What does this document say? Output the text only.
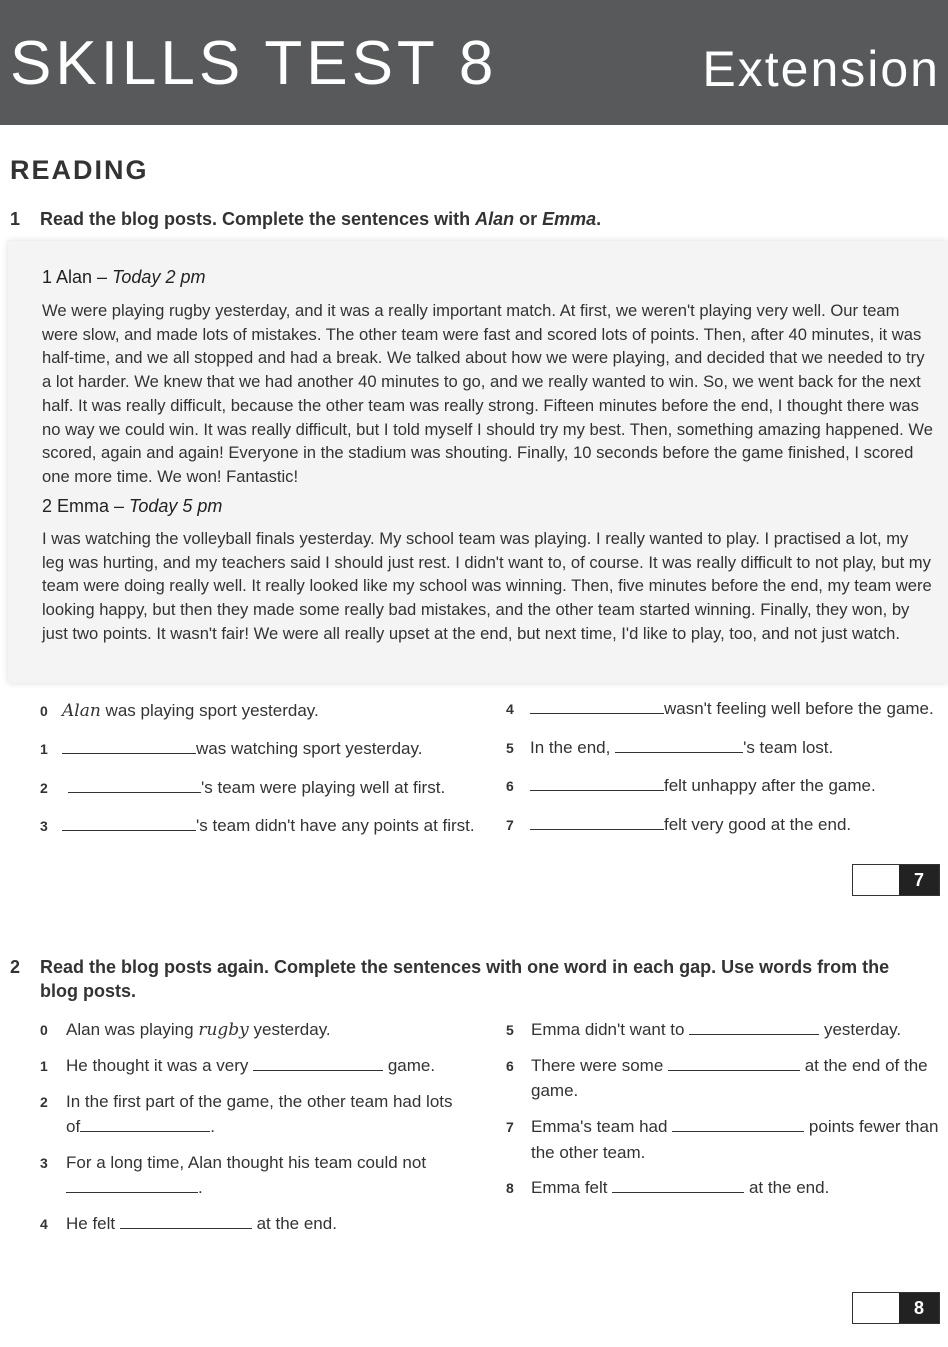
SKILLS TEST 8	Extension
READING
1 Read the blog posts. Complete the sentences with Alan or Emma.
1 Alan – Today 2 pm
We were playing rugby yesterday, and it was a really important match. At first, we weren't playing very well. Our team were slow, and made lots of mistakes. The other team were fast and scored lots of points. Then, after 40 minutes, it was half-time, and we all stopped and had a break. We talked about how we were playing, and decided that we needed to try a lot harder. We knew that we had another 40 minutes to go, and we really wanted to win. So, we went back for the next half. It was really difficult, because the other team was really strong. Fifteen minutes before the end, I thought there was no way we could win. It was really difficult, but I told myself I should try my best. Then, something amazing happened. We scored, again and again! Everyone in the stadium was shouting. Finally, 10 seconds before the game finished, I scored one more time. We won! Fantastic!
2 Emma – Today 5 pm
I was watching the volleyball finals yesterday. My school team was playing. I really wanted to play. I practised a lot, my leg was hurting, and my teachers said I should just rest. I didn't want to, of course. It was really difficult to not play, but my team were doing really well. It really looked like my school was winning. Then, five minutes before the end, my team were looking happy, but then they made some really bad mistakes, and the other team started winning. Finally, they won, by just two points. It wasn't fair! We were all really upset at the end, but next time, I'd like to play, too, and not just watch.
0 Alan was playing sport yesterday.
1	was watching sport yesterday.
2	's team were playing well at first.
3	's team didn't have any points at first.
4	wasn't feeling well before the game.
5 In the end,	's team lost.
6	felt unhappy after the game.
7	felt very good at the end.
7
2	Read the blog posts again. Complete the sentences with one word in each gap. Use words from the blog posts.
0 Alan was playing rugby yesterday.
1 He thought it was a very	game.
2 In the first part of the game, the other team had lots
of	.
3 For a long time, Alan thought his team could not
.
4 He felt	at the end.
5 Emma didn't want to	yesterday.
6 There were some	at the end of the
game.
7 Emma's team had	points fewer than
the other team.
8 Emma felt	at the end.
8
